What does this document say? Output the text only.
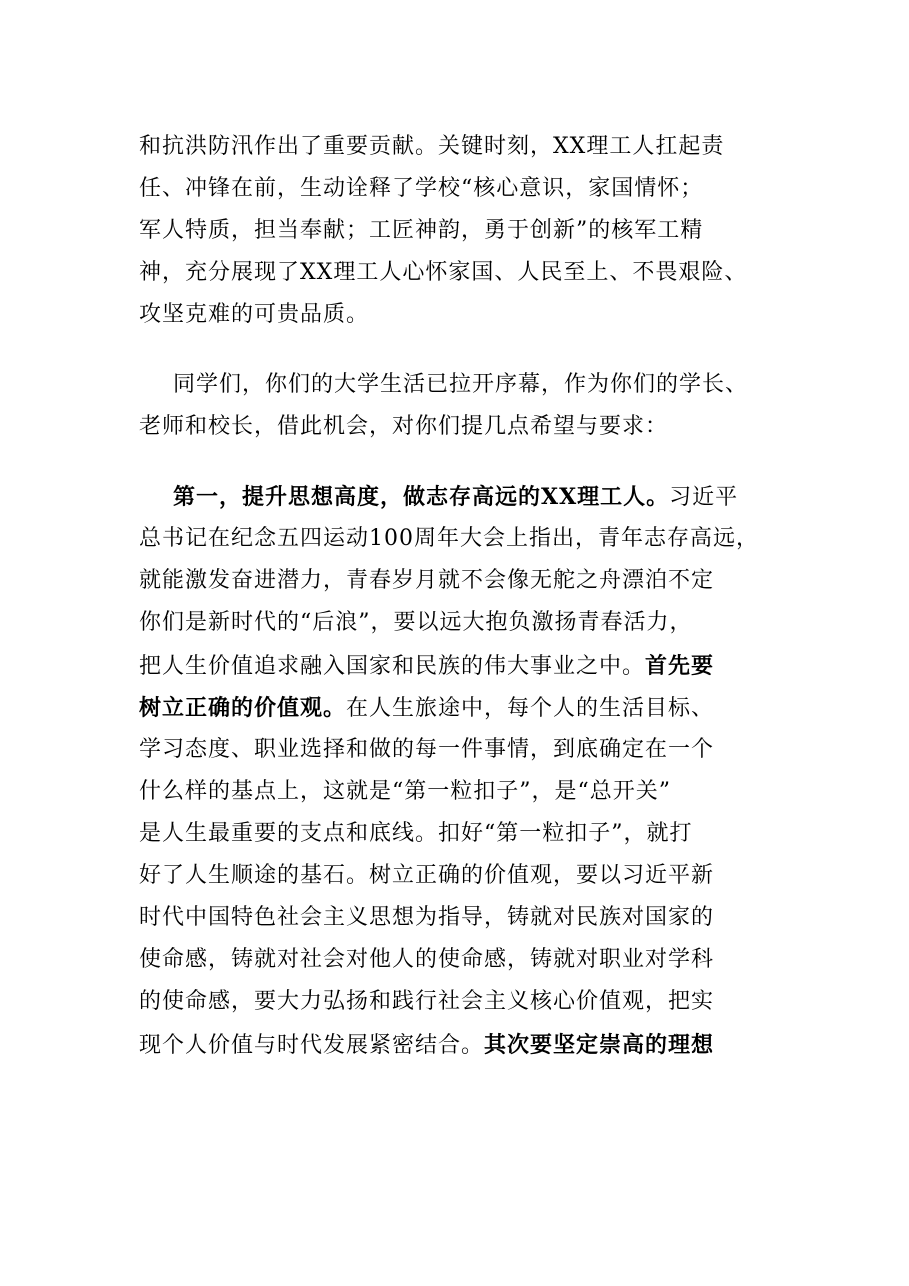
和抗洪防汛作出了重要贡献。关键时刻，XX理工人扛起责
任、冲锋在前，生动诠释了学校“核心意识，家国情怀；
军人特质，担当奉献；工匠神韵，勇于创新”的核军工精
神，充分展现了XX理工人心怀家国、人民至上、不畏艰险、
攻坚克难的可贵品质。
同学们，你们的大学生活已拉开序幕，作为你们的学长、
老师和校长，借此机会，对你们提几点希望与要求：
第一，提升思想高度，做志存高远的XX理工人。习近平
总书记在纪念五四运动100周年大会上指出，青年志存高远，
就能激发奋进潜力，青春岁月就不会像无舵之舟漂泊不定
你们是新时代的“后浪”，要以远大抱负激扬青春活力，
把人生价值追求融入国家和民族的伟大事业之中。首先要
树立正确的价值观。在人生旅途中，每个人的生活目标、
学习态度、职业选择和做的每一件事情，到底确定在一个
什么样的基点上，这就是“第一粒扣子”，是“总开关”
是人生最重要的支点和底线。扣好“第一粒扣子”，就打
好了人生顺途的基石。树立正确的价值观，要以习近平新
时代中国特色社会主义思想为指导，铸就对民族对国家的
使命感，铸就对社会对他人的使命感，铸就对职业对学科
的使命感，要大力弘扬和践行社会主义核心价值观，把实
现个人价值与时代发展紧密结合。其次要坚定崇高的理想
